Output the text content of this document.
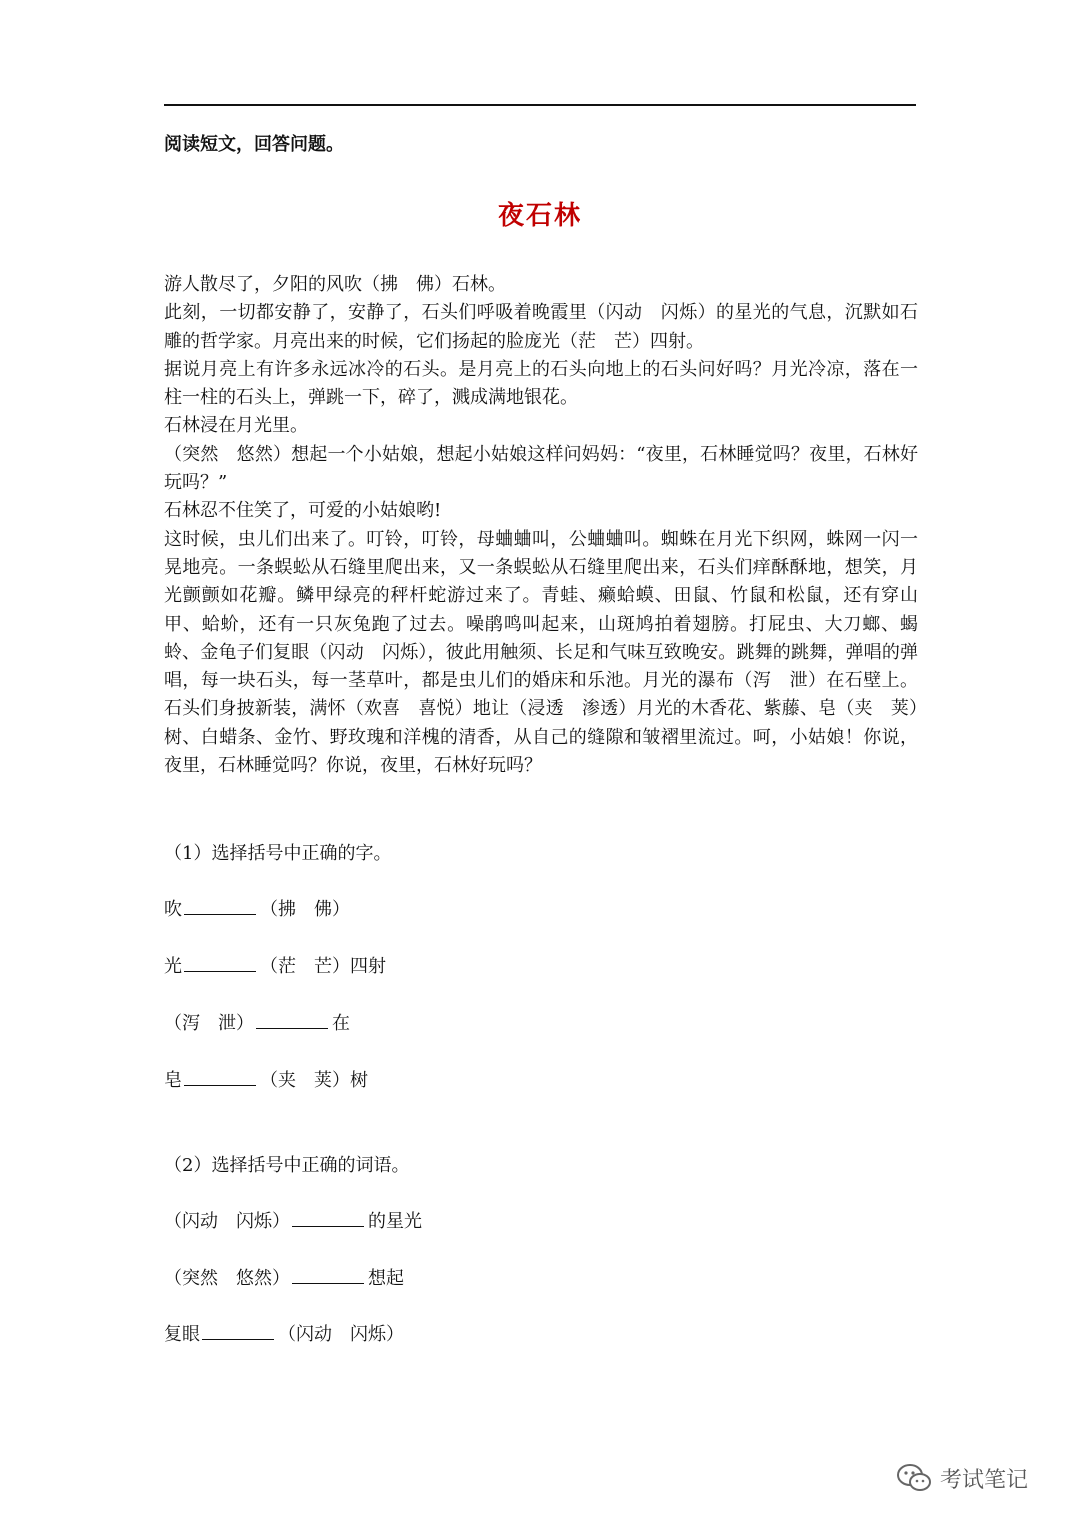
阅读短文，回答问题。
夜石林

游人散尽了，夕阳的风吹（拂　佛）石林。

此刻，一切都安静了，安静了，石头们呼吸着晚霞里（闪动　闪烁）的星光的气息，沉默如石雕的哲学家。月亮出来的时候，它们扬起的脸庞光（茫　芒）四射。

据说月亮上有许多永远冰冷的石头。是月亮上的石头向地上的石头问好吗？月光冷凉，落在一柱一柱的石头上，弹跳一下，碎了，溅成满地银花。

石林浸在月光里。

（突然　悠然）想起一个小姑娘，想起小姑娘这样问妈妈：“夜里，石林睡觉吗？夜里，石林好玩吗？”

石林忍不住笑了，可爱的小姑娘哟!

这时候，虫儿们出来了。叮铃，叮铃，母蛐蛐叫，公蛐蛐叫。蜘蛛在月光下织网，蛛网一闪一晃地亮。一条蜈蚣从石缝里爬出来，又一条蜈蚣从石缝里爬出来，石头们痒酥酥地，想笑，月光颤颤如花瓣。鳞甲绿亮的秤杆蛇游过来了。青蛙、癞蛤蟆、田鼠、竹鼠和松鼠，还有穿山甲、蛤蚧，还有一只灰兔跑了过去。噪鹃鸣叫起来，山斑鸠拍着翅膀。打屁虫、大刀螂、蝎蛉、金龟子们复眼（闪动　闪烁），彼此用触须、长足和气味互致晚安。跳舞的跳舞，弹唱的弹唱，每一块石头，每一茎草叶，都是虫儿们的婚床和乐池。月光的瀑布（泻　泄）在石壁上。石头们身披新装，满怀（欢喜　喜悦）地让（浸透　渗透）月光的木香花、紫藤、皂（夹　荚）树、白蜡条、金竹、野玫瑰和洋槐的清香，从自己的缝隙和皱褶里流过。呵，小姑娘！你说，夜里，石林睡觉吗？你说，夜里，石林好玩吗？

（1）选择括号中正确的字。
吹	（拂　佛）
光	（茫　芒）四射
（泻　泄）	在
皂	（夹　荚）树
（2）选择括号中正确的词语。
（闪动　闪烁）	的星光
（突然　悠然）	想起
复眼	（闪动　闪烁）
考试笔记
